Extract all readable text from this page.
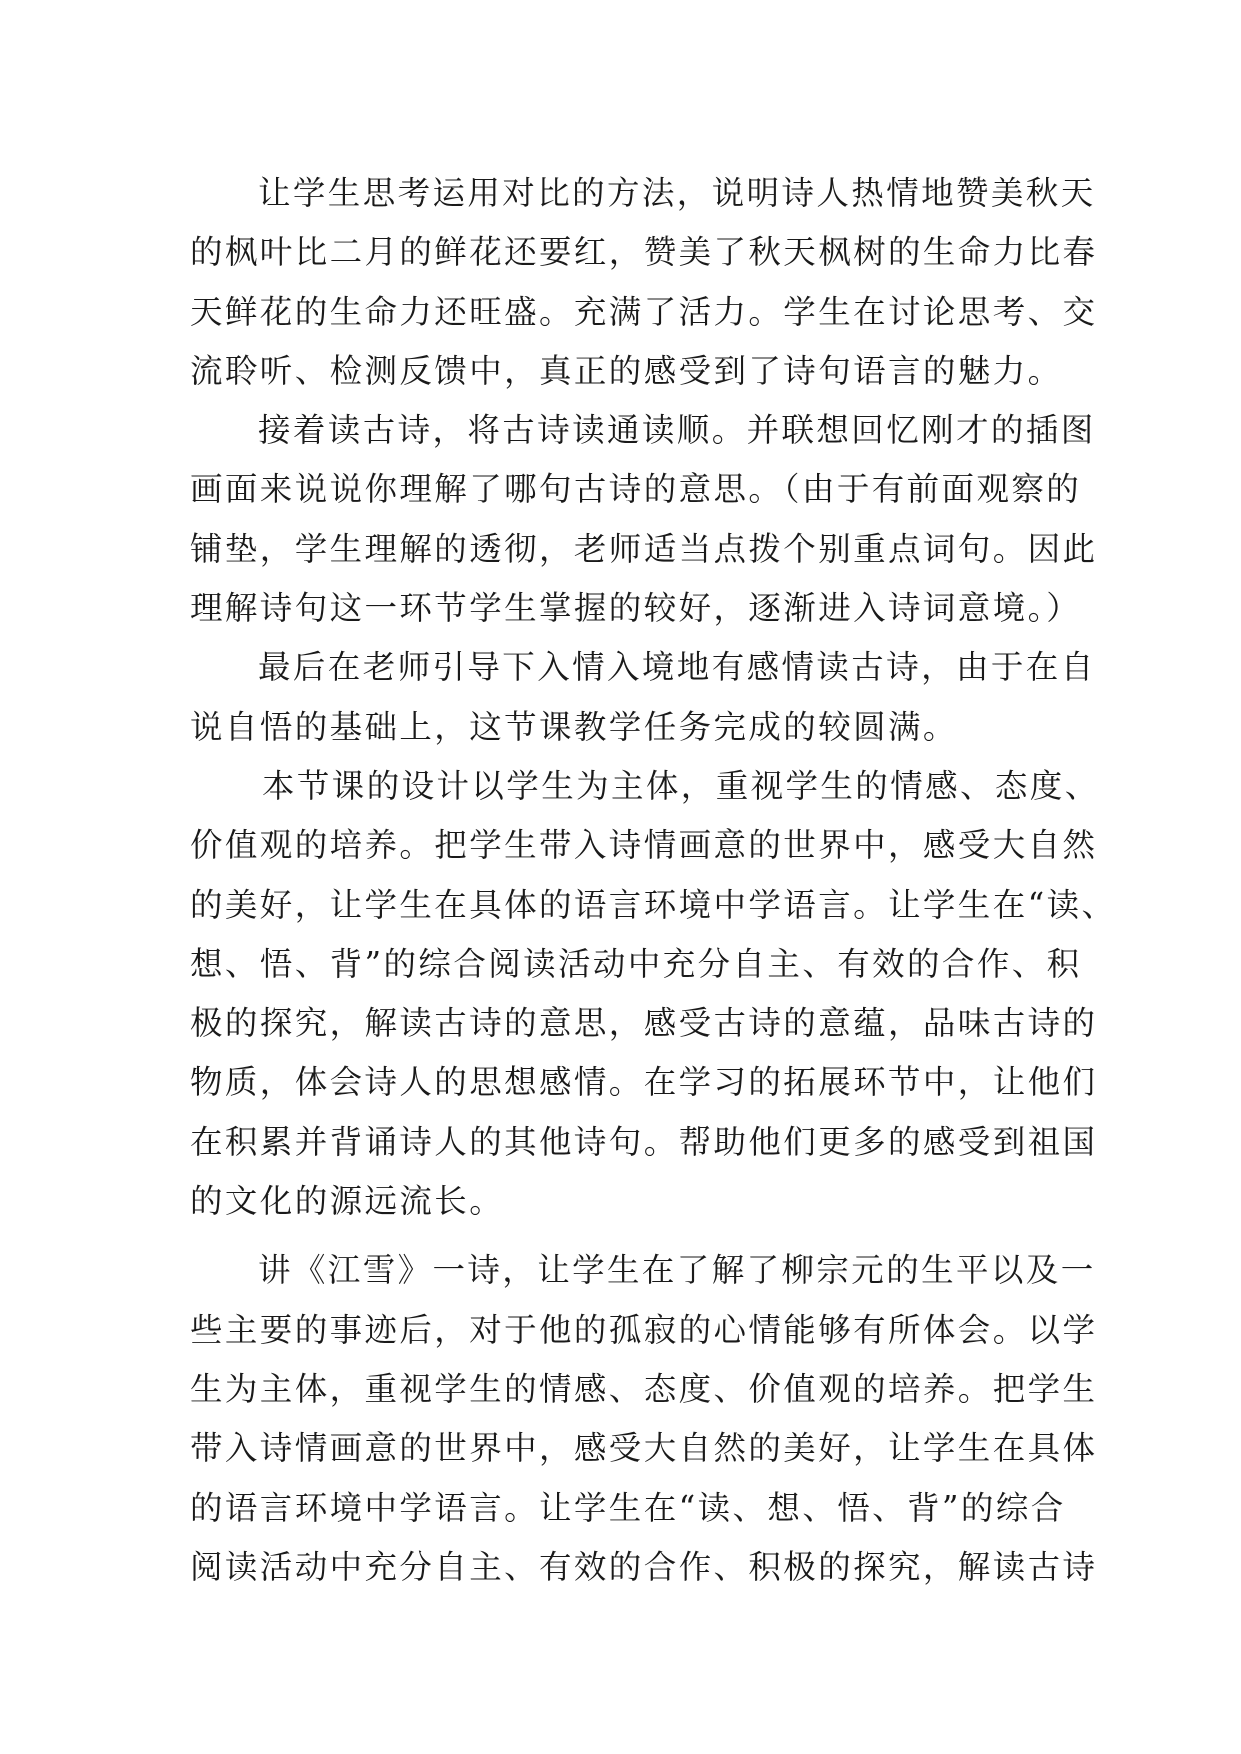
让学生思考运用对比的方法，说明诗人热情地赞美秋天
的枫叶比二月的鲜花还要红，赞美了秋天枫树的生命力比春
天鲜花的生命力还旺盛。充满了活力。学生在讨论思考、交
流聆听、检测反馈中，真正的感受到了诗句语言的魅力。
接着读古诗，将古诗读通读顺。并联想回忆刚才的插图
画面来说说你理解了哪句古诗的意思。（由于有前面观察的
铺垫，学生理解的透彻，老师适当点拨个别重点词句。因此
理解诗句这一环节学生掌握的较好，逐渐进入诗词意境。）
最后在老师引导下入情入境地有感情读古诗，由于在自
说自悟的基础上，这节课教学任务完成的较圆满。
本节课的设计以学生为主体，重视学生的情感、态度、
价值观的培养。把学生带入诗情画意的世界中，感受大自然
的美好，让学生在具体的语言环境中学语言。让学生在“读、
想、悟、背”的综合阅读活动中充分自主、有效的合作、积
极的探究，解读古诗的意思，感受古诗的意蕴，品味古诗的
物质，体会诗人的思想感情。在学习的拓展环节中，让他们
在积累并背诵诗人的其他诗句。帮助他们更多的感受到祖国
的文化的源远流长。
讲《江雪》一诗，让学生在了解了柳宗元的生平以及一
些主要的事迹后，对于他的孤寂的心情能够有所体会。以学
生为主体，重视学生的情感、态度、价值观的培养。把学生
带入诗情画意的世界中，感受大自然的美好，让学生在具体
的语言环境中学语言。让学生在“读、想、悟、背”的综合
阅读活动中充分自主、有效的合作、积极的探究，解读古诗
